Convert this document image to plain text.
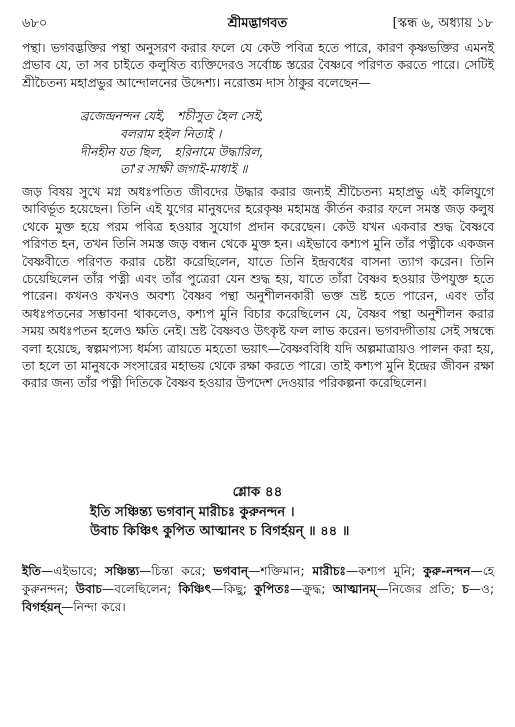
৬৮০	শ্রীমদ্ভাগবত	[স্কন্ধ ৬, অধ্যায় ১৮

পন্থা। ভগবদ্ভক্তির পন্থা অনুসরণ করার ফলে যে কেউ পবিত্র হতে পারে, কারণ কৃষ্ণভক্তির এমনই প্রভাব যে, তা সব চাইতে কলুষিত ব্যক্তিদেরও সর্বোচ্চ স্তরের বৈষ্ণবে পরিণত করতে পারে। সেটিই শ্রীচৈতন্য মহাপ্রভুর আন্দোলনের উদ্দেশ্য। নরোত্তম দাস ঠাকুর বলেছেন—

ব্রজেন্দ্রনন্দন যেই,   শচীসুত হৈল সেই,
বলরাম হইল নিতাই ।
দীনহীন যত ছিল,   হরিনামে উদ্ধারিল,
তা'র সাক্ষী জগাই-মাধাই ॥

জড় বিষয় সুখে মগ্ন অধঃপতিত জীবদের উদ্ধার করার জন্যই শ্রীচৈতন্য মহাপ্রভু এই কলিযুগে আবির্ভূত হয়েছেন। তিনি এই যুগের মানুষদের হরেকৃষ্ণ মহামন্ত্র কীর্তন করার ফলে সমস্ত জড় কলুষ থেকে মুক্ত হয়ে পরম পবিত্র হওয়ার সুযোগ প্রদান করেছেন। কেউ যখন একবার শুদ্ধ বৈষ্ণবে পরিণত হন, তখন তিনি সমস্ত জড় বন্ধন থেকে মুক্ত হন। এইভাবে কশ্যপ মুনি তাঁর পত্নীকে একজন বৈষ্ণবীতে পরিণত করার চেষ্টা করেছিলেন, যাতে তিনি ইন্দ্রবধের বাসনা ত্যাগ করেন। তিনি চেয়েছিলেন তাঁর পত্নী এবং তাঁর পুত্রেরা যেন শুদ্ধ হয়, যাতে তাঁরা বৈষ্ণব হওয়ার উপযুক্ত হতে পারেন। কখনও কখনও অবশ্য বৈষ্ণব পন্থা অনুশীলনকারী ভক্ত ভ্রষ্ট হতে পারেন, এবং তাঁর অধঃপতনের সম্ভাবনা থাকলেও, কশ্যপ মুনি বিচার করেছিলেন যে, বৈষ্ণব পন্থা অনুশীলন করার সময় অধঃপতন হলেও ক্ষতি নেই। ভ্রষ্ট বৈষ্ণবও উৎকৃষ্ট ফল লাভ করেন। ভগবদ্গীতায় সেই সম্বন্ধে বলা হয়েছে, স্বল্পমপ্যস্য ধর্মস্য ত্রায়তে মহতো ভয়াৎ—বৈষ্ণববিধি যদি অল্পমাত্রায়ও পালন করা হয়, তা হলে তা মানুষকে সংসারের মহাভয় থেকে রক্ষা করতে পারে। তাই কশ্যপ মুনি ইন্দ্রের জীবন রক্ষা করার জন্য তাঁর পত্নী দিতিকে বৈষ্ণব হওয়ার উপদেশ দেওয়ার পরিকল্পনা করেছিলেন।

শ্লোক ৪৪
ইতি সঞ্চিন্ত্য ভগবান্ মারীচঃ কুরুনন্দন ।
উবাচ কিঞ্চিৎ কুপিত আত্মানং চ বিগর্হয়ন্ ॥ ৪৪ ॥

ইতি—এইভাবে; সঞ্চিন্ত্য—চিন্তা করে; ভগবান্—শক্তিমান; মারীচঃ—কশ্যপ মুনি; কুরু-নন্দন—হে কুরুনন্দন; উবাচ—বলেছিলেন; কিঞ্চিৎ—কিছু; কুপিতঃ—ক্রুদ্ধ; আত্মানম্—নিজের প্রতি; চ—ও; বিগর্হয়ন্—নিন্দা করে।
